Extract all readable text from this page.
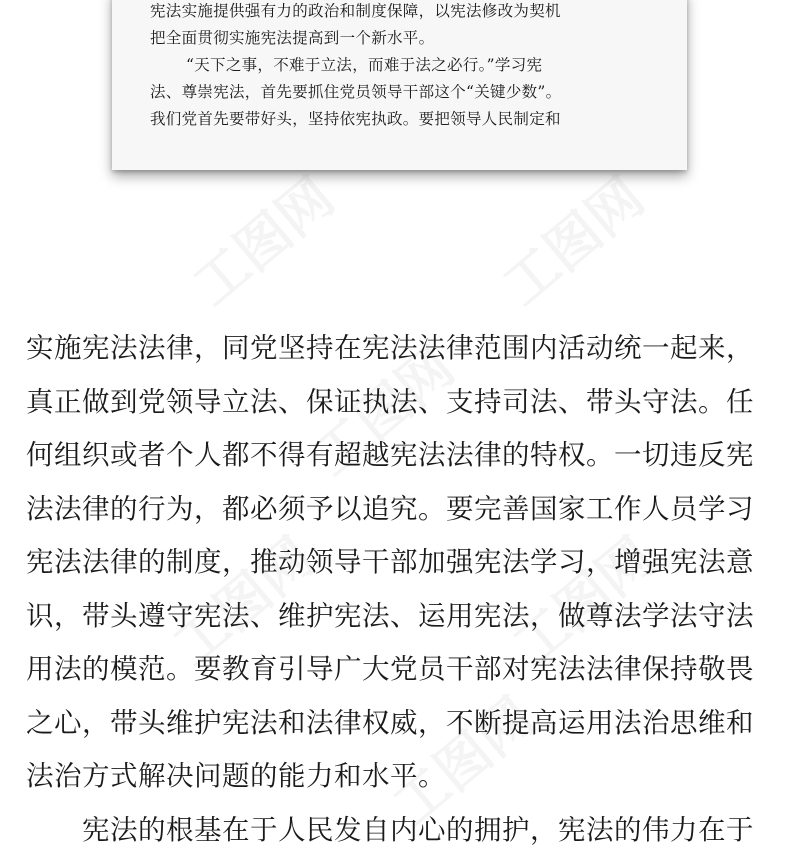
宪法实施提供强有力的政治和制度保障，以宪法修改为契机

把全面贯彻实施宪法提高到一个新水平。

“天下之事，不难于立法，而难于法之必行。”学习宪

法、尊崇宪法，首先要抓住党员领导干部这个“关键少数”。

我们党首先要带好头，坚持依宪执政。要把领导人民制定和

实施宪法法律，同党坚持在宪法法律范围内活动统一起来，

真正做到党领导立法、保证执法、支持司法、带头守法。任

何组织或者个人都不得有超越宪法法律的特权。一切违反宪

法法律的行为，都必须予以追究。要完善国家工作人员学习

宪法法律的制度，推动领导干部加强宪法学习，增强宪法意

识，带头遵守宪法、维护宪法、运用宪法，做尊法学法守法

用法的模范。要教育引导广大党员干部对宪法法律保持敬畏

之心，带头维护宪法和法律权威，不断提高运用法治思维和

法治方式解决问题的能力和水平。

宪法的根基在于人民发自内心的拥护，宪法的伟力在于
